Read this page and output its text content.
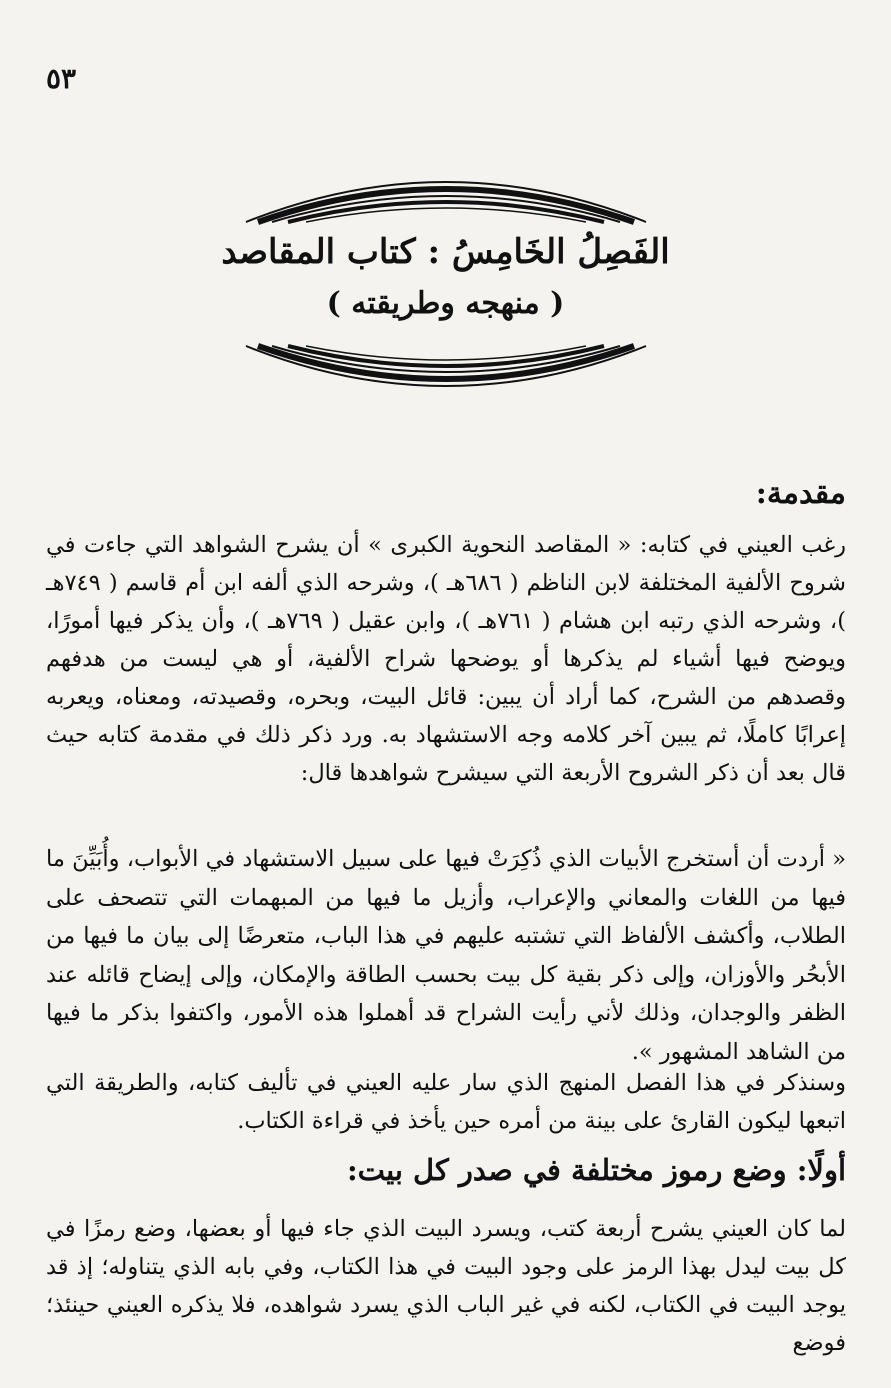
٥٣
الفَصِلُ الخَامِسُ : كتاب المقاصد
( منهجه وطريقته )
مقدمة:
رغب العيني في كتابه: « المقاصد النحوية الكبرى » أن يشرح الشواهد التي جاءت في شروح الألفية المختلفة لابن الناظم ( ٦٨٦هـ )، وشرحه الذي ألفه ابن أم قاسم ( ٧٤٩هـ )، وشرحه الذي رتبه ابن هشام ( ٧٦١هـ )، وابن عقيل ( ٧٦٩هـ )، وأن يذكر فيها أمورًا، ويوضح فيها أشياء لم يذكرها أو يوضحها شراح الألفية، أو هي ليست من هدفهم وقصدهم من الشرح، كما أراد أن يبين: قائل البيت، وبحره، وقصيدته، ومعناه، ويعربه إعرابًا كاملًا، ثم يبين آخر كلامه وجه الاستشهاد به. ورد ذكر ذلك في مقدمة كتابه حيث قال بعد أن ذكر الشروح الأربعة التي سيشرح شواهدها قال:
« أردت أن أستخرج الأبيات الذي ذُكِرَتْ فيها على سبيل الاستشهاد في الأبواب، وأُبَيِّنَ ما فيها من اللغات والمعاني والإعراب، وأزيل ما فيها من المبهمات التي تتصحف على الطلاب، وأكشف الألفاظ التي تشتبه عليهم في هذا الباب، متعرضًا إلى بيان ما فيها من الأبحُر والأوزان، وإلى ذكر بقية كل بيت بحسب الطاقة والإمكان، وإلى إيضاح قائله عند الظفر والوجدان، وذلك لأني رأيت الشراح قد أهملوا هذه الأمور، واكتفوا بذكر ما فيها من الشاهد المشهور ».
وسنذكر في هذا الفصل المنهج الذي سار عليه العيني في تأليف كتابه، والطريقة التي اتبعها ليكون القارئ على بينة من أمره حين يأخذ في قراءة الكتاب.
أولًا: وضع رموز مختلفة في صدر كل بيت:
لما كان العيني يشرح أربعة كتب، ويسرد البيت الذي جاء فيها أو بعضها، وضع رمزًا في كل بيت ليدل بهذا الرمز على وجود البيت في هذا الكتاب، وفي بابه الذي يتناوله؛ إذ قد يوجد البيت في الكتاب، لكنه في غير الباب الذي يسرد شواهده، فلا يذكره العيني حينئذ؛ فوضع
